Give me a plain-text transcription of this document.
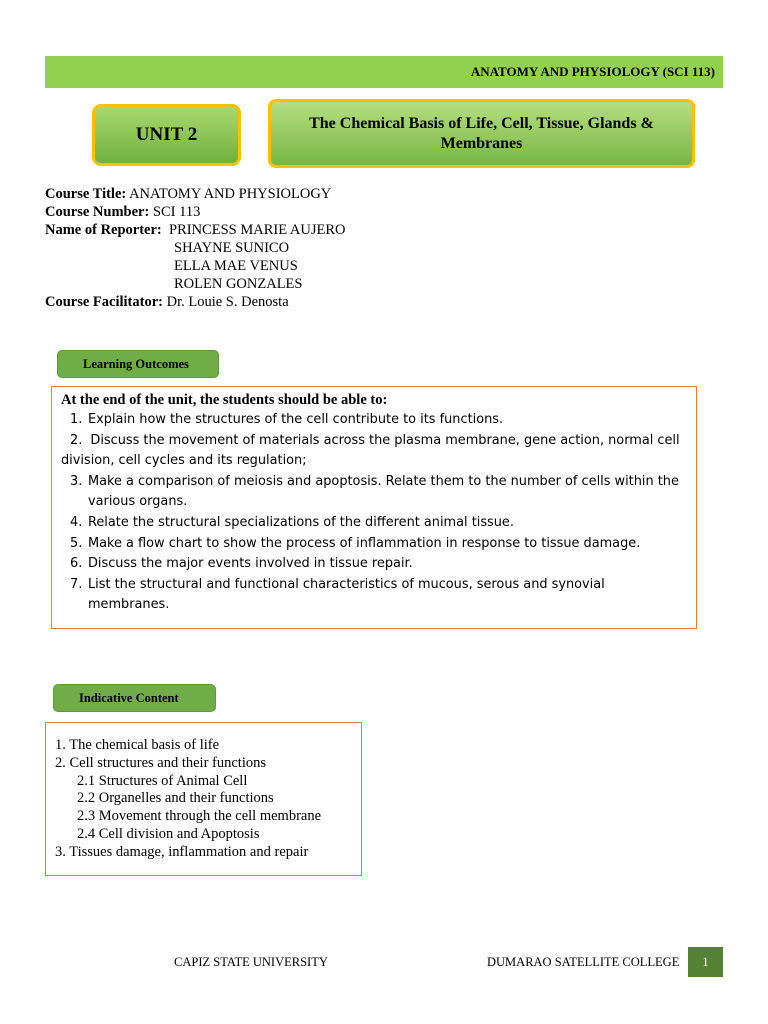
ANATOMY AND PHYSIOLOGY (SCI 113)
UNIT 2
The Chemical Basis of Life, Cell, Tissue, Glands & Membranes
Course Title: ANATOMY AND PHYSIOLOGY
Course Number: SCI 113
Name of Reporter: PRINCESS MARIE AUJERO
SHAYNE SUNICO
ELLA MAE VENUS
ROLEN GONZALES
Course Facilitator: Dr. Louie S. Denosta
Learning Outcomes
At the end of the unit, the students should be able to:
1. Explain how the structures of the cell contribute to its functions.
2. Discuss the movement of materials across the plasma membrane, gene action, normal cell division, cell cycles and its regulation;
3. Make a comparison of meiosis and apoptosis. Relate them to the number of cells within the various organs.
4. Relate the structural specializations of the different animal tissue.
5. Make a flow chart to show the process of inflammation in response to tissue damage.
6. Discuss the major events involved in tissue repair.
7. List the structural and functional characteristics of mucous, serous and synovial membranes.
Indicative Content
1. The chemical basis of life
2. Cell structures and their functions
2.1 Structures of Animal Cell
2.2 Organelles and their functions
2.3 Movement through the cell membrane
2.4 Cell division and Apoptosis
3. Tissues damage, inflammation and repair
CAPIZ STATE UNIVERSITY	DUMARAO SATELLITE COLLEGE	1
